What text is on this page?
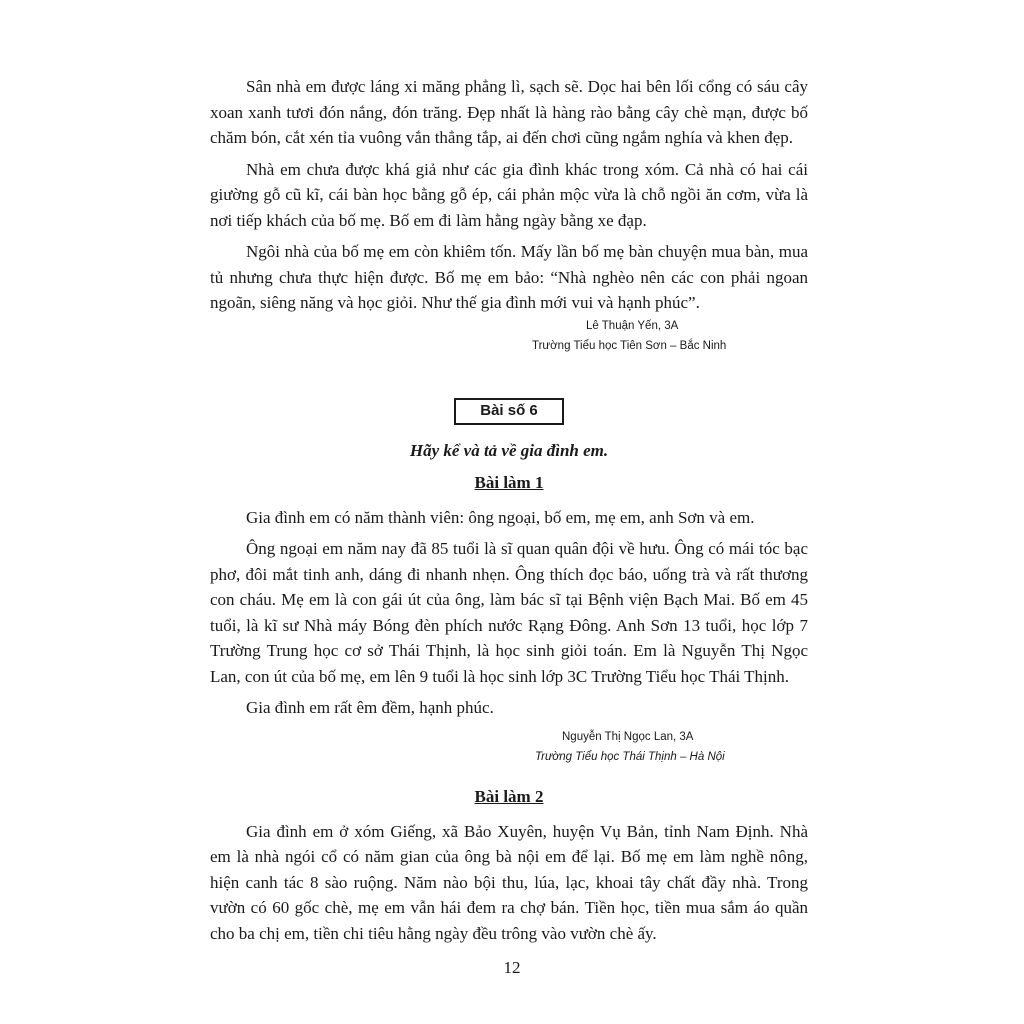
Sân nhà em được láng xi măng phẳng lì, sạch sẽ. Dọc hai bên lối cổng có sáu cây xoan xanh tươi đón nắng, đón trăng. Đẹp nhất là hàng rào bằng cây chè mạn, được bố chăm bón, cắt xén tỉa vuông vắn thẳng tắp, ai đến chơi cũng ngắm nghía và khen đẹp.

Nhà em chưa được khá giả như các gia đình khác trong xóm. Cả nhà có hai cái giường gỗ cũ kĩ, cái bàn học bằng gỗ ép, cái phản mộc vừa là chỗ ngồi ăn cơm, vừa là nơi tiếp khách của bố mẹ. Bố em đi làm hằng ngày bằng xe đạp.

Ngôi nhà của bố mẹ em còn khiêm tốn. Mấy lần bố mẹ bàn chuyện mua bàn, mua tủ nhưng chưa thực hiện được. Bố mẹ em bảo: “Nhà nghèo nên các con phải ngoan ngoãn, siêng năng và học giỏi. Như thế gia đình mới vui và hạnh phúc”.

Lê Thuận Yến, 3A
Trường Tiểu học Tiên Sơn – Bắc Ninh
Bài số 6
Hãy kể và tả về gia đình em.
Bài làm 1

Gia đình em có năm thành viên: ông ngoại, bố em, mẹ em, anh Sơn và em.

Ông ngoại em năm nay đã 85 tuổi là sĩ quan quân đội về hưu. Ông có mái tóc bạc phơ, đôi mắt tinh anh, dáng đi nhanh nhẹn. Ông thích đọc báo, uống trà và rất thương con cháu. Mẹ em là con gái út của ông, làm bác sĩ tại Bệnh viện Bạch Mai. Bố em 45 tuổi, là kĩ sư Nhà máy Bóng đèn phích nước Rạng Đông. Anh Sơn 13 tuổi, học lớp 7 Trường Trung học cơ sở Thái Thịnh, là học sinh giỏi toán. Em là Nguyễn Thị Ngọc Lan, con út của bố mẹ, em lên 9 tuổi là học sinh lớp 3C Trường Tiểu học Thái Thịnh.

Gia đình em rất êm đềm, hạnh phúc.

Nguyễn Thị Ngọc Lan, 3A
Trường Tiểu học Thái Thịnh – Hà Nội
Bài làm 2

Gia đình em ở xóm Giếng, xã Bảo Xuyên, huyện Vụ Bản, tỉnh Nam Định. Nhà em là nhà ngói cổ có năm gian của ông bà nội em để lại. Bố mẹ em làm nghề nông, hiện canh tác 8 sào ruộng. Năm nào bội thu, lúa, lạc, khoai tây chất đầy nhà. Trong vườn có 60 gốc chè, mẹ em vẫn hái đem ra chợ bán. Tiền học, tiền mua sắm áo quần cho ba chị em, tiền chi tiêu hằng ngày đều trông vào vườn chè ấy.

12
